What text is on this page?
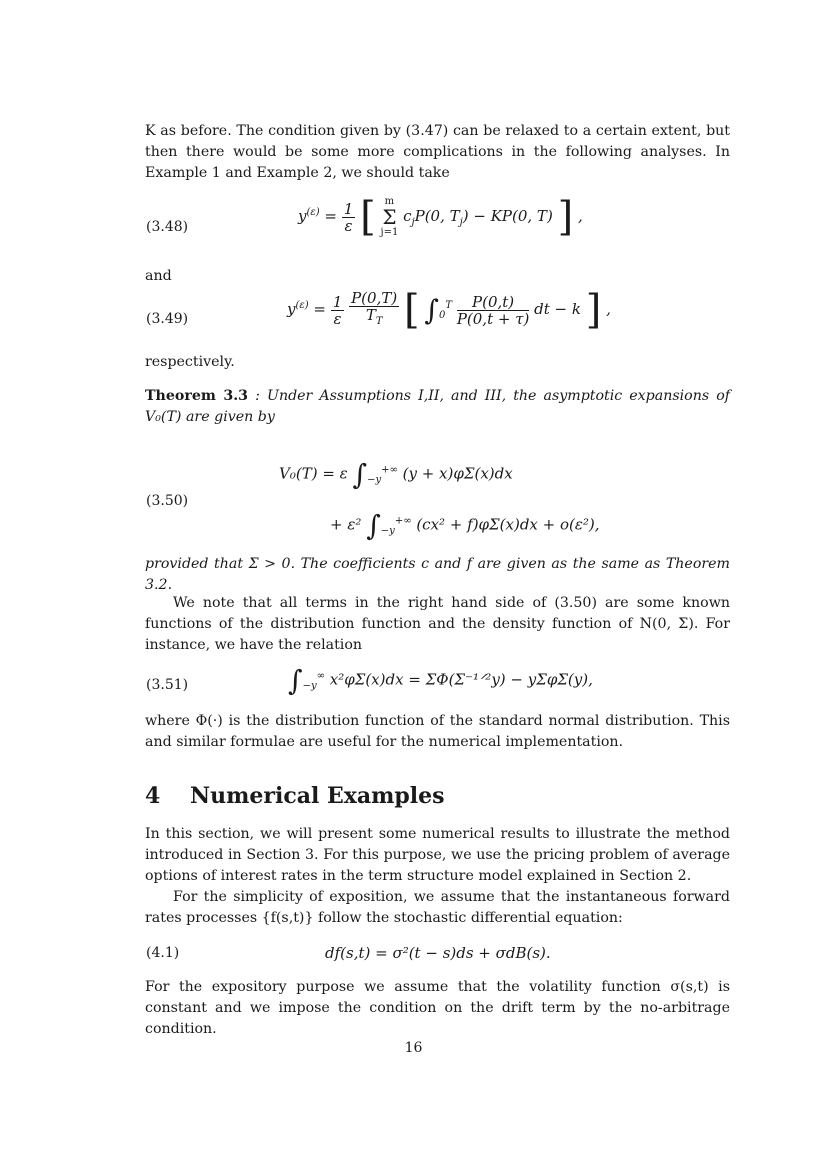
K as before. The condition given by (3.47) can be relaxed to a certain extent, but then there would be some more complications in the following analyses. In Example 1 and Example 2, we should take
(3.48)
$y^{(\varepsilon)} = \frac{1}{\varepsilon}$ [ m
Σ
j=1
$c_jP(0$, $T_j) - KP(0$, T) ] ,
and
(3.49)
$y^{(\varepsilon)} = \frac{1}{\varepsilon}$
$\frac{P(0,T)}{T_T}$ [ $\int_0^T \frac{P(0,t)}{P(0,t + \tau)}$ dt − k ] ,
respectively.
Theorem 3.3 : Under Assumptions I,II, and III, the asymptotic expansions of V₀(T) are given by
(3.50)
V₀(T) = ε $\int_{-y}^{+\infty}$ (y + x)φΣ(x)dx
+ ε² $\int_{-y}^{+\infty}$ (cx² + f)φΣ(x)dx + o(ε²),
provided that Σ > 0. The coefficients c and f are given as the same as Theorem 3.2.
We note that all terms in the right hand side of (3.50) are some known functions of the distribution function and the density function of N(0, Σ). For instance, we have the relation
(3.51)	$\int_{-y}^\infty$ x²φΣ(x)dx = ΣΦ(Σ⁻¹ᐟ²y) − yΣφΣ(y),
where Φ(·) is the distribution function of the standard normal distribution. This and similar formulae are useful for the numerical implementation.
4 Numerical Examples
In this section, we will present some numerical results to illustrate the method introduced in Section 3. For this purpose, we use the pricing problem of average options of interest rates in the term structure model explained in Section 2.
For the simplicity of exposition, we assume that the instantaneous forward rates processes {f(s,t)} follow the stochastic differential equation:
(4.1)	df(s,t) = σ²(t − s)ds + σdB(s).
For the expository purpose we assume that the volatility function σ(s,t) is constant and we impose the condition on the drift term by the no-arbitrage condition.
16
